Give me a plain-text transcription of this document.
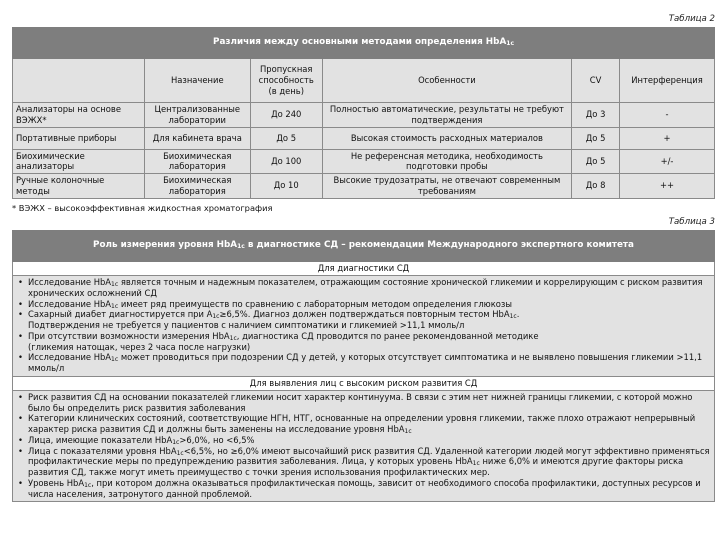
Таблица 2
Различия между основными методами определения HbA$_{1c}$
	Назначение	Пропускная способность (в день)	Особенности	CV	Интерференция
Анализаторы на основе ВЭЖХ*	Централизованные лаборатории	До 240	Полностью автоматические, результаты не требуют подтверждения	До 3	-
Портативные приборы	Для кабинета врача	До 5	Высокая стоимость расходных материалов	До 5	+
Биохимические анализаторы	Биохимическая лаборатория	До 100	Не референсная методика, необходимость подготовки пробы	До 5	+/-
Ручные колоночные методы	Биохимическая лаборатория	До 10	Высокие трудозатраты, не отвечают современным требованиям	До 8	++
* ВЭЖХ – высокоэффективная жидкостная хроматография
Таблица 3
Роль измерения уровня HbA$_{1c}$ в диагностике СД – рекомендации Международного экспертного комитета
Для диагностики СД

• Исследование HbA$_{1c}$ является точным и надежным показателем, отражающим состояние хронической гликемии и коррелирующим с риском развития хронических осложнений СД
• Исследование HbA$_{1c}$ имеет ряд преимуществ по сравнению с лабораторным методом определения глюкозы
• Сахарный диабет диагностируется при $A_{1c}\ge 6,5\%$. Диагноз должен подтверждаться повторным тестом HbA$_{1c}$.
Подтверждения не требуется у пациентов с наличием симптоматики и гликемией >11,1 ммоль/л
• При отсутствии возможности измерения HbA$_{1c}$, диагностика СД проводится по ранее рекомендованной методике
(гликемия натощак, через 2 часа после нагрузки)
• Исследование HbA$_{1c}$ может проводиться при подозрении СД у детей, у которых отсутствует симптоматика и не выявлено повышения гликемии >11,1 ммоль/л

Для выявления лиц с высоким риском развития СД

• Риск развития СД на основании показателей гликемии носит характер континуума. В связи с этим нет нижней границы гликемии, с которой можно было бы определить риск развития заболевания
• Категории клинических состояний, соответствующие НГН, НТГ, основанные на определении уровня гликемии, также плохо отражают непрерывный характер риска развития СД и должны быть заменены на исследование уровня HbA$_{1c}$
• Лица, имеющие показатели HbA$_{1c}$>6,0%, но <6,5%
• Лица с показателями уровня HbA$_{1c}$<6,5%, но ≥6,0% имеют высочайший риск развития СД. Удаленной категории людей могут эффективно применяться профилактические меры по предупреждению развития заболевания. Лица, у которых уровень HbA$_{1c}$ ниже 6,0% и имеются другие факторы риска развития СД, также могут иметь преимущество с точки зрения использования профилактических мер.
• Уровень HbA$_{1c}$, при котором должна оказываться профилактическая помощь, зависит от необходимого способа профилактики, доступных ресурсов и числа населения, затронутого данной проблемой.
